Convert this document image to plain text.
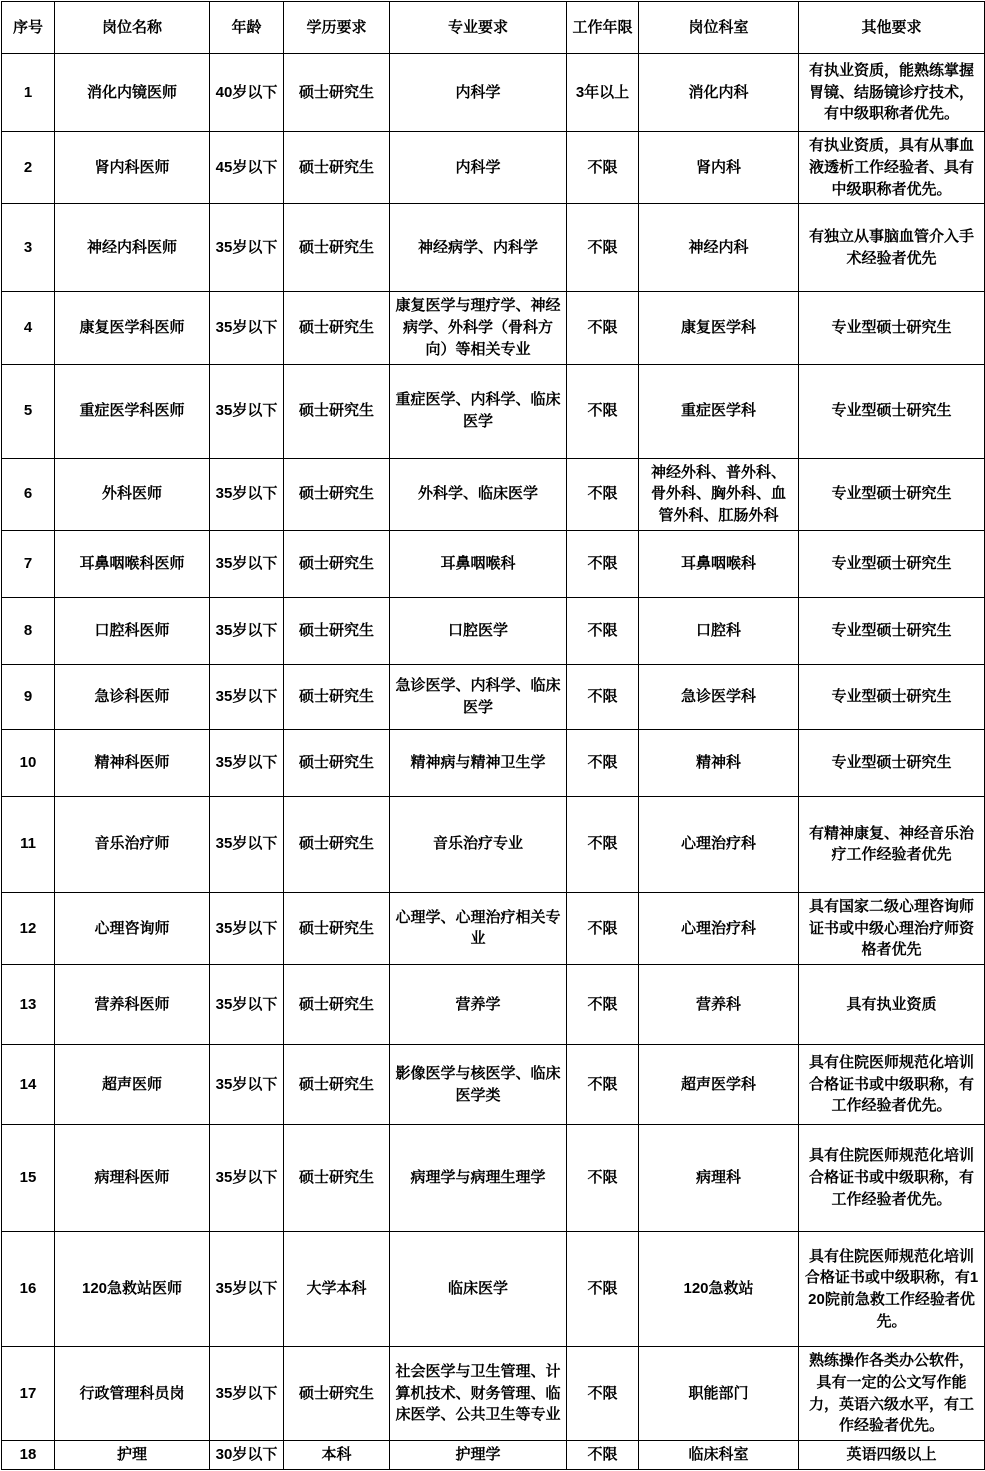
序号	岗位名称	年龄	学历要求	专业要求	工作年限	岗位科室	其他要求
1	消化内镜医师	40岁以下	硕士研究生	内科学	3年以上	消化内科	有执业资质，能熟练掌握胃镜、结肠镜诊疗技术，有中级职称者优先。
2	肾内科医师	45岁以下	硕士研究生	内科学	不限	肾内科	有执业资质，具有从事血液透析工作经验者、具有中级职称者优先。
3	神经内科医师	35岁以下	硕士研究生	神经病学、内科学	不限	神经内科	有独立从事脑血管介入手术经验者优先
4	康复医学科医师	35岁以下	硕士研究生	康复医学与理疗学、神经病学、外科学（骨科方向）等相关专业	不限	康复医学科	专业型硕士研究生
5	重症医学科医师	35岁以下	硕士研究生	重症医学、内科学、临床医学	不限	重症医学科	专业型硕士研究生
6	外科医师	35岁以下	硕士研究生	外科学、临床医学	不限	神经外科、普外科、骨外科、胸外科、血管外科、肛肠外科	专业型硕士研究生
7	耳鼻咽喉科医师	35岁以下	硕士研究生	耳鼻咽喉科	不限	耳鼻咽喉科	专业型硕士研究生
8	口腔科医师	35岁以下	硕士研究生	口腔医学	不限	口腔科	专业型硕士研究生
9	急诊科医师	35岁以下	硕士研究生	急诊医学、内科学、临床医学	不限	急诊医学科	专业型硕士研究生
10	精神科医师	35岁以下	硕士研究生	精神病与精神卫生学	不限	精神科	专业型硕士研究生
11	音乐治疗师	35岁以下	硕士研究生	音乐治疗专业	不限	心理治疗科	有精神康复、神经音乐治疗工作经验者优先
12	心理咨询师	35岁以下	硕士研究生	心理学、心理治疗相关专业	不限	心理治疗科	具有国家二级心理咨询师证书或中级心理治疗师资格者优先
13	营养科医师	35岁以下	硕士研究生	营养学	不限	营养科	具有执业资质
14	超声医师	35岁以下	硕士研究生	影像医学与核医学、临床医学类	不限	超声医学科	具有住院医师规范化培训合格证书或中级职称，有工作经验者优先。
15	病理科医师	35岁以下	硕士研究生	病理学与病理生理学	不限	病理科	具有住院医师规范化培训合格证书或中级职称，有工作经验者优先。
16	120急救站医师	35岁以下	大学本科	临床医学	不限	120急救站	具有住院医师规范化培训合格证书或中级职称，有120院前急救工作经验者优先。
17	行政管理科员岗	35岁以下	硕士研究生	社会医学与卫生管理、计算机技术、财务管理、临床医学、公共卫生等专业	不限	职能部门	熟练操作各类办公软件，具有一定的公文写作能力，英语六级水平，有工作经验者优先。
18	护理	30岁以下	本科	护理学	不限	临床科室	英语四级以上
